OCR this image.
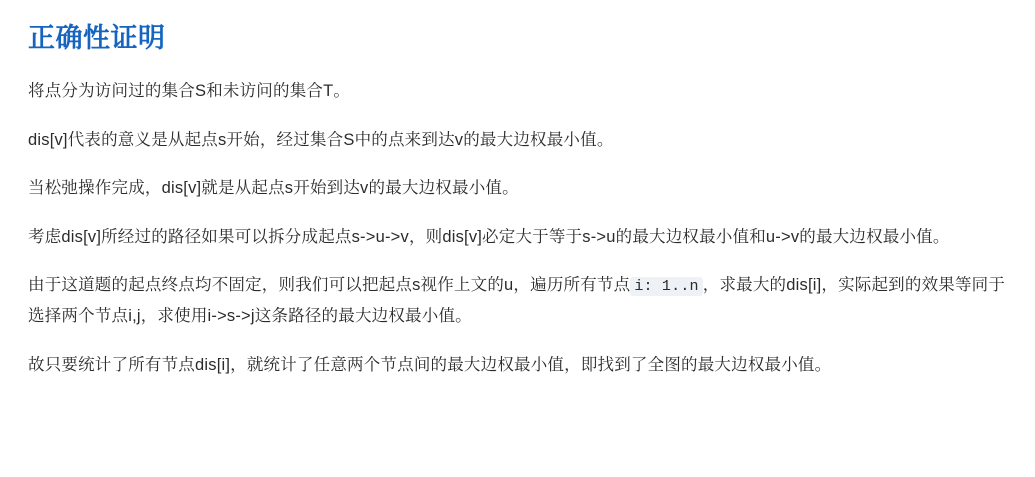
正确性证明

将点分为访问过的集合S和未访问的集合T。

dis[v]代表的意义是从起点s开始，经过集合S中的点来到达v的最大边权最小值。

当松弛操作完成，dis[v]就是从起点s开始到达v的最大边权最小值。

考虑dis[v]所经过的路径如果可以拆分成起点s->u->v，则dis[v]必定大于等于s->u的最大边权最小值和u->v的最大边权最小值。

由于这道题的起点终点均不固定，则我们可以把起点s视作上文的u，遍历所有节点 i: 1..n ，求最大的dis[i]，实际起到的效果等同于选择两个节点i,j，求使用i->s->j这条路径的最大边权最小值。

故只要统计了所有节点dis[i]，就统计了任意两个节点间的最大边权最小值，即找到了全图的最大边权最小值。
